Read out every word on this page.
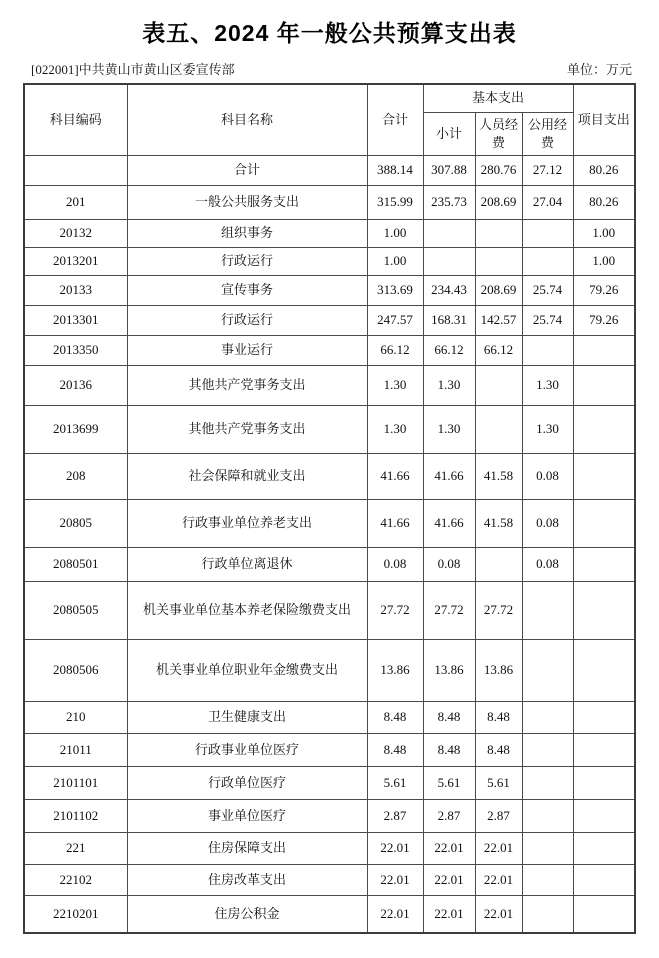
表五、2024 年一般公共预算支出表
[022001]中共黄山市黄山区委宣传部	单位：万元
科目编码	科目名称	合计	基本支出			项目支出
			小计	人员经费	公用经费	
	合计	388.14	307.88	280.76	27.12	80.26
201	一般公共服务支出	315.99	235.73	208.69	27.04	80.26
20132	组织事务	1.00				1.00
2013201	行政运行	1.00				1.00
20133	宣传事务	313.69	234.43	208.69	25.74	79.26
2013301	行政运行	247.57	168.31	142.57	25.74	79.26
2013350	事业运行	66.12	66.12	66.12		
20136	其他共产党事务支出	1.30	1.30		1.30	
2013699	其他共产党事务支出	1.30	1.30		1.30	
208	社会保障和就业支出	41.66	41.66	41.58	0.08	
20805	行政事业单位养老支出	41.66	41.66	41.58	0.08	
2080501	行政单位离退休	0.08	0.08		0.08	
2080505	机关事业单位基本养老保险缴费支出	27.72	27.72	27.72		
2080506	机关事业单位职业年金缴费支出	13.86	13.86	13.86		
210	卫生健康支出	8.48	8.48	8.48		
21011	行政事业单位医疗	8.48	8.48	8.48		
2101101	行政单位医疗	5.61	5.61	5.61		
2101102	事业单位医疗	2.87	2.87	2.87		
221	住房保障支出	22.01	22.01	22.01		
22102	住房改革支出	22.01	22.01	22.01		
2210201	住房公积金	22.01	22.01	22.01		
